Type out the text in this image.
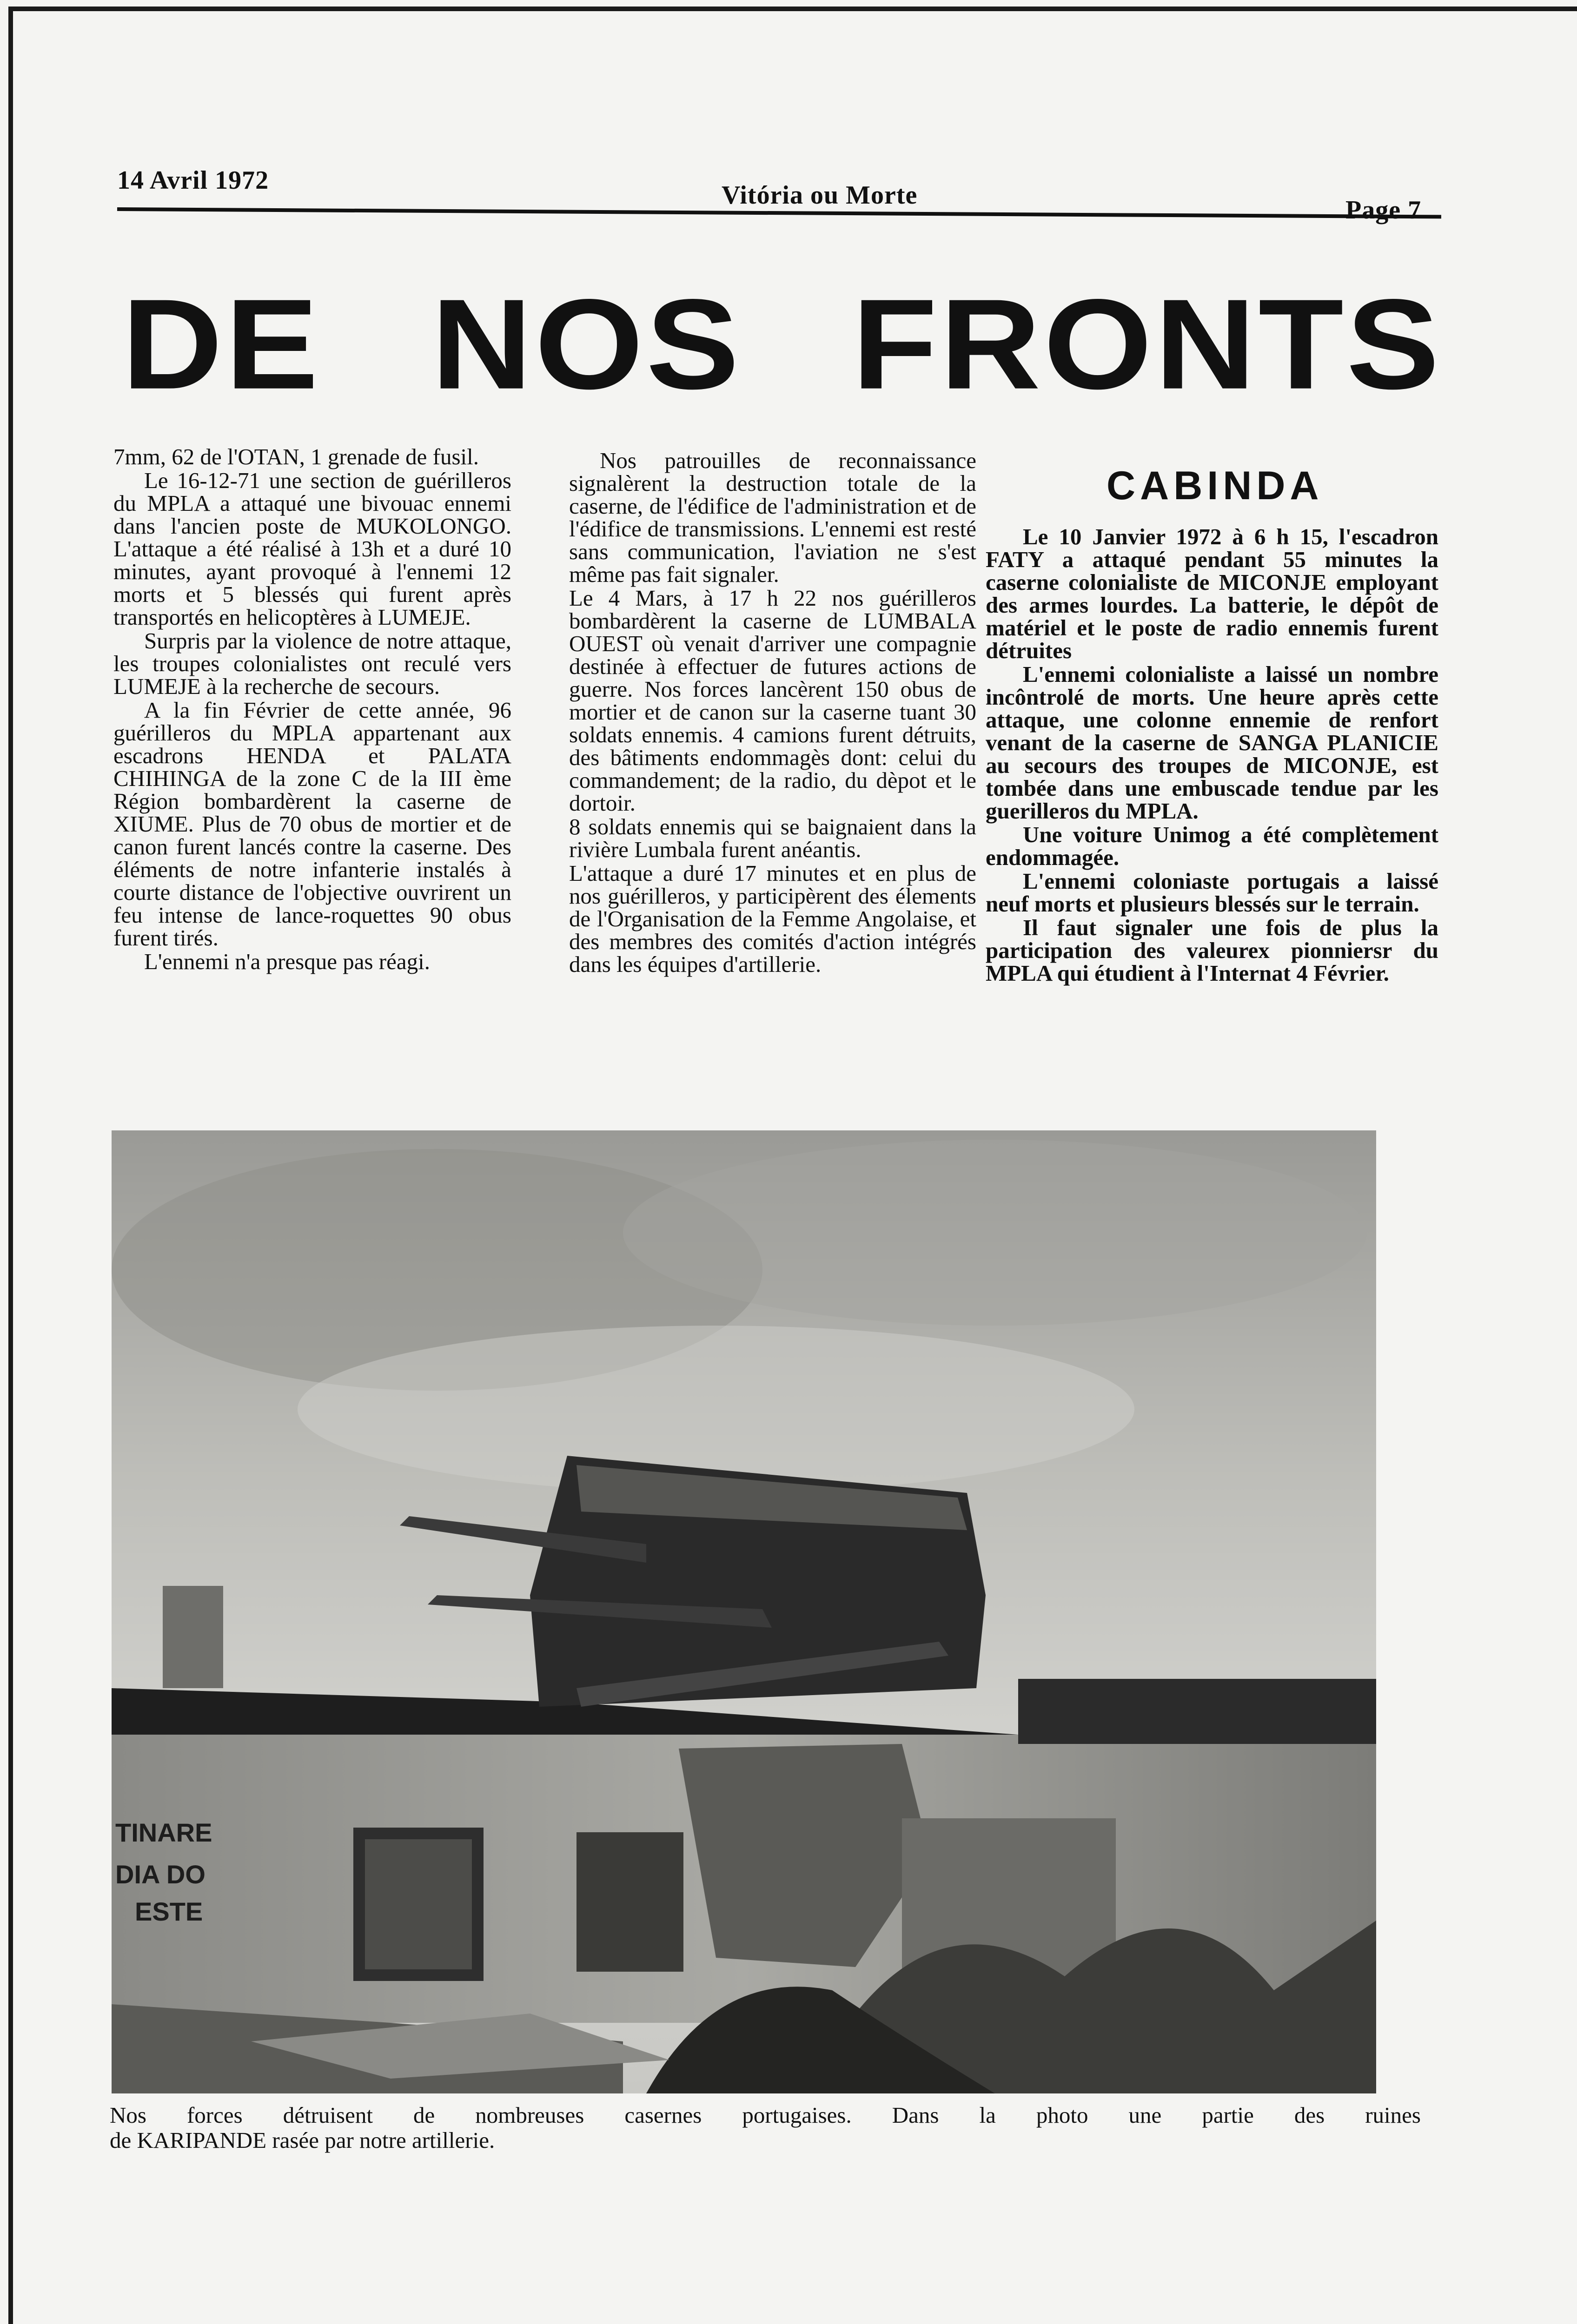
14 Avril 1972
Vitória ou Morte
Page 7
DE NOS FRONTS

7mm, 62 de l'OTAN, 1 grenade de fusil.

Le 16-12-71 une section de guérilleros du MPLA a attaqué une bivouac ennemi dans l'ancien poste de MUKOLONGO. L'attaque a été réalisé à 13h et a duré 10 minutes, ayant provoqué à l'ennemi 12 morts et 5 blessés qui furent après transportés en helicoptères à LUMEJE.

Surpris par la violence de notre attaque, les troupes colonialistes ont reculé vers LUMEJE à la recherche de secours.

A la fin Février de cette année, 96 guérilleros du MPLA appartenant aux escadrons HENDA et PALATA CHIHINGA de la zone C de la III ème Région bombardèrent la caserne de XIUME. Plus de 70 obus de mortier et de canon furent lancés contre la caserne. Des éléments de notre infanterie instalés à courte distance de l'objective ouvrirent un feu intense de lance-roquettes 90 obus furent tirés.

L'ennemi n'a presque pas réagi.

Nos patrouilles de reconnaissance signalèrent la destruction totale de la caserne, de l'édifice de l'administration et de l'édifice de transmissions. L'ennemi est resté sans communication, l'aviation ne s'est même pas fait signaler.

Le 4 Mars, à 17 h 22 nos guérilleros bombardèrent la caserne de LUMBALA OUEST où venait d'arriver une compagnie destinée à effectuer de futures actions de guerre. Nos forces lancèrent 150 obus de mortier et de canon sur la caserne tuant 30 soldats ennemis. 4 camions furent détruits, des bâtiments endommagès dont: celui du commandement; de la radio, du dèpot et le dortoir.

8 soldats ennemis qui se baignaient dans la rivière Lumbala furent anéantis.

L'attaque a duré 17 minutes et en plus de nos guérilleros, y participèrent des élements de l'Organisation de la Femme Angolaise, et des membres des comités d'action intégrés dans les équipes d'artillerie.

CABINDA

Le 10 Janvier 1972 à 6 h 15, l'escadron FATY a attaqué pendant 55 minutes la caserne colonialiste de MICONJE employant des armes lourdes. La batterie, le dépôt de matériel et le poste de radio ennemis furent détruites

L'ennemi colonialiste a laissé un nombre incôntrolé de morts. Une heure après cette attaque, une colonne ennemie de renfort venant de la caserne de SANGA PLANICIE au secours des troupes de MICONJE, est tombée dans une embuscade tendue par les guerilleros du MPLA.

Une voiture Unimog a été complètement endommagée.

L'ennemi coloniaste portugais a laissé neuf morts et plusieurs blessés sur le terrain.

Il faut signaler une fois de plus la participation des valeurex pionniersr du MPLA qui étudient à l'Internat 4 Février.

TINARE
DIA DO
ESTE
Nos forces détruisent de nombreuses casernes portugaises. Dans la photo une partie des ruines
de KARIPANDE rasée par notre artillerie.
